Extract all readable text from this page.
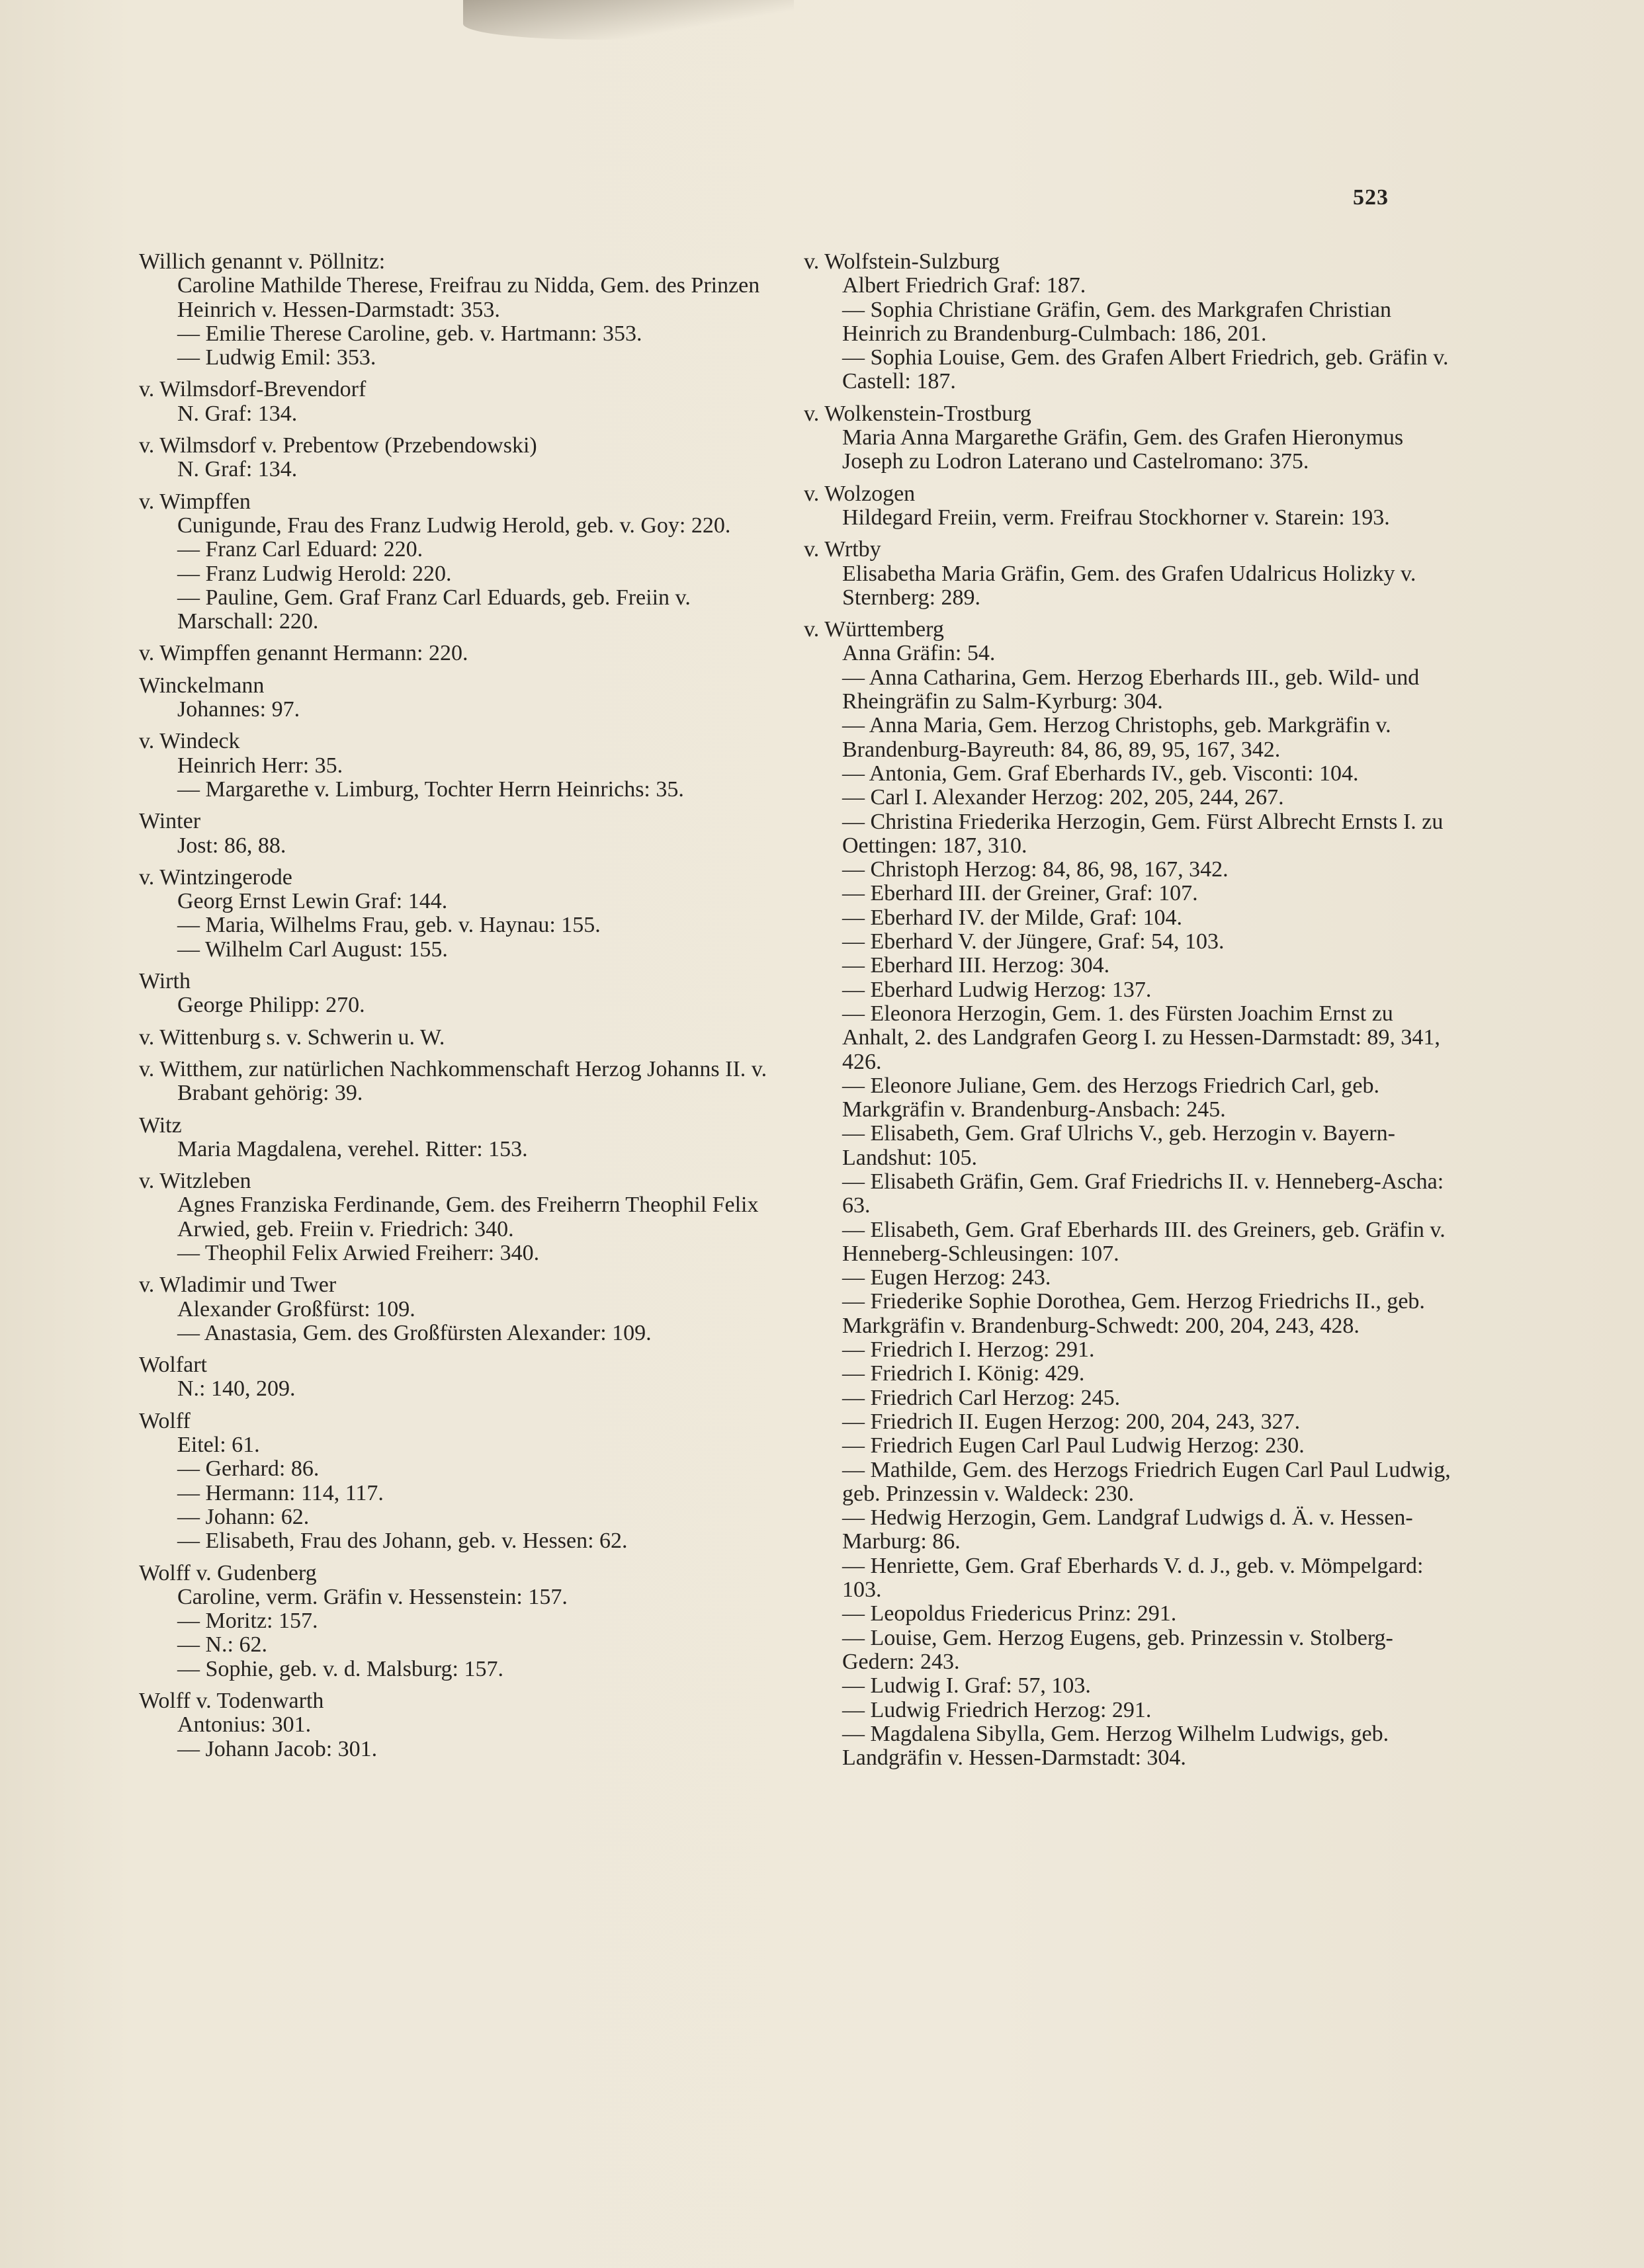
523
Willich genannt v. Pöllnitz:
Caroline Mathilde Therese, Freifrau zu Nidda, Gem. des Prinzen Heinrich v. Hessen-Darmstadt: 353.
— Emilie Therese Caroline, geb. v. Hartmann: 353.
— Ludwig Emil: 353.
v. Wilmsdorf-Brevendorf
N. Graf: 134.
v. Wilmsdorf v. Prebentow (Przebendowski)
N. Graf: 134.
v. Wimpffen
Cunigunde, Frau des Franz Ludwig Herold, geb. v. Goy: 220.
— Franz Carl Eduard: 220.
— Franz Ludwig Herold: 220.
— Pauline, Gem. Graf Franz Carl Eduards, geb. Freiin v. Marschall: 220.
v. Wimpffen genannt Hermann: 220.
Winckelmann
Johannes: 97.
v. Windeck
Heinrich Herr: 35.
— Margarethe v. Limburg, Tochter Herrn Heinrichs: 35.
Winter
Jost: 86, 88.
v. Wintzingerode
Georg Ernst Lewin Graf: 144.
— Maria, Wilhelms Frau, geb. v. Haynau: 155.
— Wilhelm Carl August: 155.
Wirth
George Philipp: 270.
v. Wittenburg s. v. Schwerin u. W.
v. Witthem, zur natürlichen Nachkommenschaft Herzog Johanns II. v. Brabant gehörig: 39.
Witz
Maria Magdalena, verehel. Ritter: 153.
v. Witzleben
Agnes Franziska Ferdinande, Gem. des Freiherrn Theophil Felix Arwied, geb. Freiin v. Friedrich: 340.
— Theophil Felix Arwied Freiherr: 340.
v. Wladimir und Twer
Alexander Großfürst: 109.
— Anastasia, Gem. des Großfürsten Alexander: 109.
Wolfart
N.: 140, 209.
Wolff
Eitel: 61.
— Gerhard: 86.
— Hermann: 114, 117.
— Johann: 62.
— Elisabeth, Frau des Johann, geb. v. Hessen: 62.
Wolff v. Gudenberg
Caroline, verm. Gräfin v. Hessenstein: 157.
— Moritz: 157.
— N.: 62.
— Sophie, geb. v. d. Malsburg: 157.
Wolff v. Todenwarth
Antonius: 301.
— Johann Jacob: 301.
v. Wolfstein-Sulzburg
Albert Friedrich Graf: 187.
— Sophia Christiane Gräfin, Gem. des Markgrafen Christian Heinrich zu Brandenburg-Culmbach: 186, 201.
— Sophia Louise, Gem. des Grafen Albert Friedrich, geb. Gräfin v. Castell: 187.
v. Wolkenstein-Trostburg
Maria Anna Margarethe Gräfin, Gem. des Grafen Hieronymus Joseph zu Lodron Laterano und Castelromano: 375.
v. Wolzogen
Hildegard Freiin, verm. Freifrau Stockhorner v. Starein: 193.
v. Wrtby
Elisabetha Maria Gräfin, Gem. des Grafen Udalricus Holizky v. Sternberg: 289.
v. Württemberg
Anna Gräfin: 54.
— Anna Catharina, Gem. Herzog Eberhards III., geb. Wild- und Rheingräfin zu Salm-Kyrburg: 304.
— Anna Maria, Gem. Herzog Christophs, geb. Markgräfin v. Brandenburg-Bayreuth: 84, 86, 89, 95, 167, 342.
— Antonia, Gem. Graf Eberhards IV., geb. Visconti: 104.
— Carl I. Alexander Herzog: 202, 205, 244, 267.
— Christina Friederika Herzogin, Gem. Fürst Albrecht Ernsts I. zu Oettingen: 187, 310.
— Christoph Herzog: 84, 86, 98, 167, 342.
— Eberhard III. der Greiner, Graf: 107.
— Eberhard IV. der Milde, Graf: 104.
— Eberhard V. der Jüngere, Graf: 54, 103.
— Eberhard III. Herzog: 304.
— Eberhard Ludwig Herzog: 137.
— Eleonora Herzogin, Gem. 1. des Fürsten Joachim Ernst zu Anhalt, 2. des Landgrafen Georg I. zu Hessen-Darmstadt: 89, 341, 426.
— Eleonore Juliane, Gem. des Herzogs Friedrich Carl, geb. Markgräfin v. Brandenburg-Ansbach: 245.
— Elisabeth, Gem. Graf Ulrichs V., geb. Herzogin v. Bayern-Landshut: 105.
— Elisabeth Gräfin, Gem. Graf Friedrichs II. v. Henneberg-Ascha: 63.
— Elisabeth, Gem. Graf Eberhards III. des Greiners, geb. Gräfin v. Henneberg-Schleusingen: 107.
— Eugen Herzog: 243.
— Friederike Sophie Dorothea, Gem. Herzog Friedrichs II., geb. Markgräfin v. Brandenburg-Schwedt: 200, 204, 243, 428.
— Friedrich I. Herzog: 291.
— Friedrich I. König: 429.
— Friedrich Carl Herzog: 245.
— Friedrich II. Eugen Herzog: 200, 204, 243, 327.
— Friedrich Eugen Carl Paul Ludwig Herzog: 230.
— Mathilde, Gem. des Herzogs Friedrich Eugen Carl Paul Ludwig, geb. Prinzessin v. Waldeck: 230.
— Hedwig Herzogin, Gem. Landgraf Ludwigs d. Ä. v. Hessen-Marburg: 86.
— Henriette, Gem. Graf Eberhards V. d. J., geb. v. Mömpelgard: 103.
— Leopoldus Friedericus Prinz: 291.
— Louise, Gem. Herzog Eugens, geb. Prinzessin v. Stolberg-Gedern: 243.
— Ludwig I. Graf: 57, 103.
— Ludwig Friedrich Herzog: 291.
— Magdalena Sibylla, Gem. Herzog Wilhelm Ludwigs, geb. Landgräfin v. Hessen-Darmstadt: 304.
